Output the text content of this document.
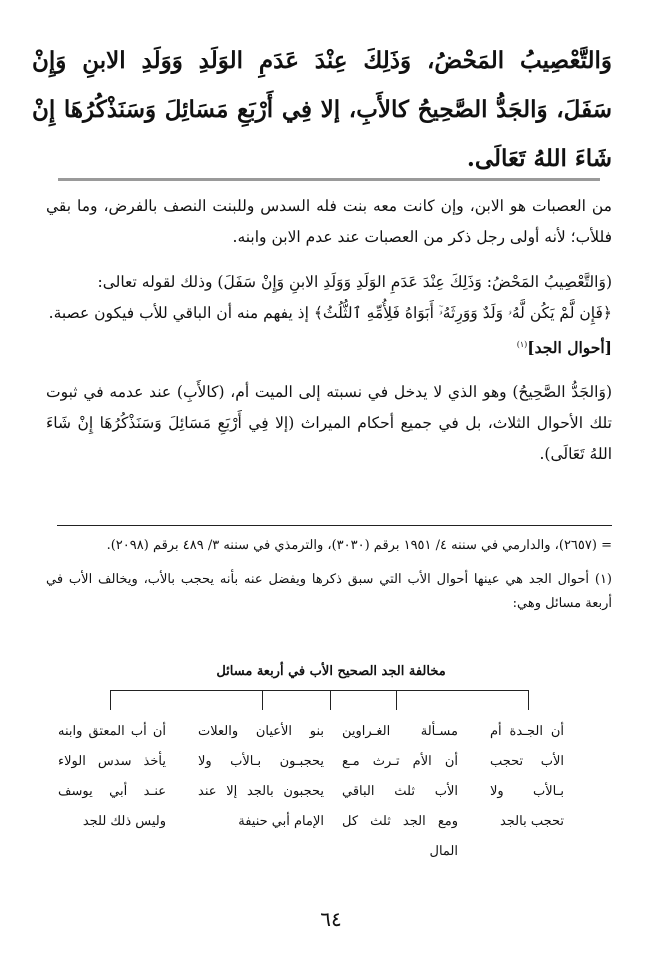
وَالتَّعْصِيبُ المَحْضُ، وَذَلِكَ عِنْدَ عَدَمِ الوَلَدِ وَوَلَدِ الابنِ وَإِنْ سَفَلَ، وَالجَدُّ الصَّحِيحُ كالأَبِ، إلا فِي أَرْبَعِ مَسَائِلَ وَسَنَذْكُرُهَا إِنْ شَاءَ اللهُ تَعَالَى.

من العصبات هو الابن، وإن كانت معه بنت فله السدس وللبنت النصف بالفرض، وما بقي فللأب؛ لأنه أولى رجل ذكر من العصبات عند عدم الابن وابنه.

(وَالتَّعْصِيبُ المَحْضُ: وَذَلِكَ عِنْدَ عَدَمِ الوَلَدِ وَوَلَدِ الابنِ وَإِنْ سَفَلَ) وذلك لقوله تعالى:

﴿فَإِن لَّمْ يَكُن لَّهُۥ وَلَدٌ وَوَرِثَهُۥٓ أَبَوَاهُ فَلِأُمِّهِ ٱلثُّلُثُ﴾ إذ يفهم منه أن الباقي للأب فيكون عصبة.

[أحوال الجد]$^{(١)}$

(وَالجَدُّ الصَّحِيحُ) وهو الذي لا يدخل في نسبته إلى الميت أم، (كالأَبِ) عند عدمه في ثبوت تلك الأحوال الثلاث، بل في جميع أحكام الميراث (إلا فِي أَرْبَعِ مَسَائِلَ وَسَنَذْكُرُهَا إِنْ شَاءَ اللهُ تَعَالَى).

= (٢٦٥٧)، والدارمي في سننه ٤/ ١٩٥١ برقم (٣٠٣٠)، والترمذي في سننه ٣/ ٤٨٩ برقم (٢٠٩٨).

(١) أحوال الجد هي عينها أحوال الأب التي سبق ذكرها ويفضل عنه بأنه يحجب بالأب، ويخالف الأب في أربعة مسائل وهي:

مخالفة الجد الصحيح الأب في أربعة مسائل
أن الجـدة أم
الأب تحجب
بـالأب ولا
تحجب بالجد
مسـألة الغـراوين
أن الأم تـرث مـع
الأب ثلث الباقي
ومع الجد ثلث كل
المال
بنو الأعيان والعلات
يحجبـون بـالأب ولا
يحجبون بالجد إلا عند
الإمام أبي حنيفة
أن أب المعتق وابنه
يأخذ سدس الولاء
عنـد أبي يوسف
وليس ذلك للجد
٦٤
